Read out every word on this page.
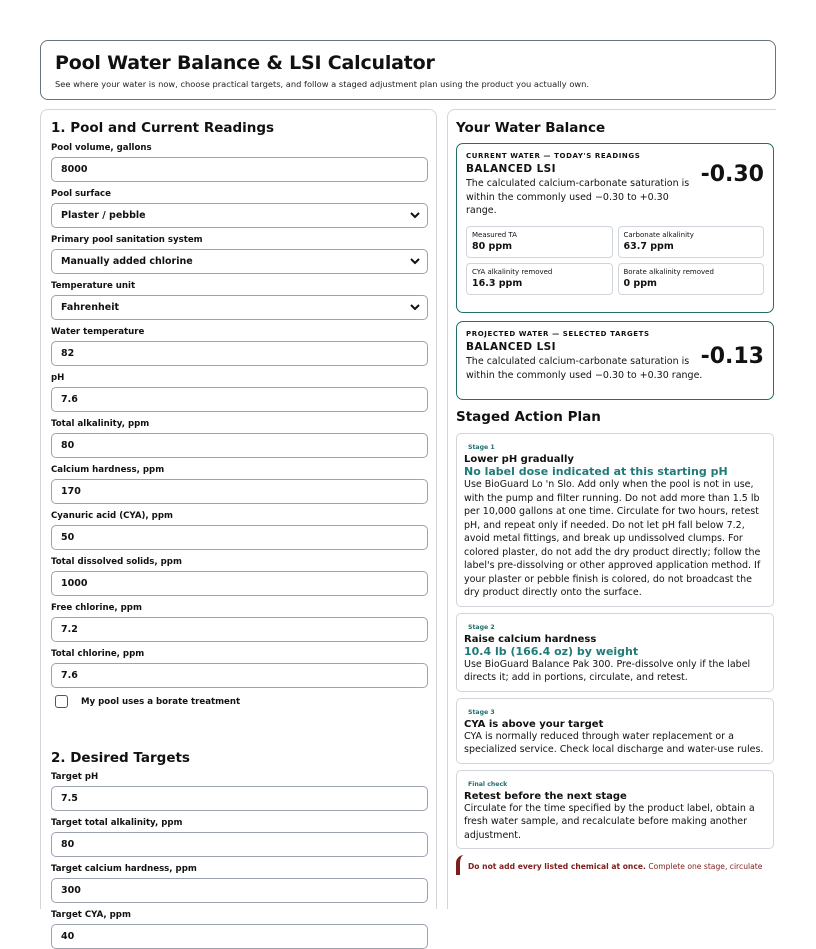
Pool Water Balance & LSI Calculator

See where your water is now, choose practical targets, and follow a staged adjustment plan using the product you actually own.

1. Pool and Current Readings
Pool volume, gallons
8000
Pool surface
Plaster / pebble
Primary pool sanitation system
Manually added chlorine
Temperature unit
Fahrenheit
Water temperature
82
pH
7.6
Total alkalinity, ppm
80
Calcium hardness, ppm
170
Cyanuric acid (CYA), ppm
50
Total dissolved solids, ppm
1000
Free chlorine, ppm
7.2
Total chlorine, ppm
7.6
My pool uses a borate treatment
2. Desired Targets
Target pH
7.5
Target total alkalinity, ppm
80
Target calcium hardness, ppm
300
Target CYA, ppm
40
Your Water Balance
CURRENT WATER — TODAY'S READINGS
BALANCED LSI	-0.30
The calculated calcium-carbonate saturation is within the commonly used −0.30 to +0.30 range.
Measured TA
80 ppm
Carbonate alkalinity
63.7 ppm
CYA alkalinity removed
16.3 ppm
Borate alkalinity removed
0 ppm
PROJECTED WATER — SELECTED TARGETS
BALANCED LSI	-0.13
The calculated calcium-carbonate saturation is within the commonly used −0.30 to +0.30 range.
Staged Action Plan
Stage 1
Lower pH gradually
No label dose indicated at this starting pH
Use BioGuard Lo 'n Slo. Add only when the pool is not in use, with the pump and filter running. Do not add more than 1.5 lb per 10,000 gallons at one time. Circulate for two hours, retest pH, and repeat only if needed. Do not let pH fall below 7.2, avoid metal fittings, and break up undissolved clumps. For colored plaster, do not add the dry product directly; follow the label's pre-dissolving or other approved application method. If your plaster or pebble finish is colored, do not broadcast the dry product directly onto the surface.
Stage 2
Raise calcium hardness
10.4 lb (166.4 oz) by weight
Use BioGuard Balance Pak 300. Pre-dissolve only if the label directs it; add in portions, circulate, and retest.
Stage 3
CYA is above your target
CYA is normally reduced through water replacement or a specialized service. Check local discharge and water-use rules.
Final check
Retest before the next stage
Circulate for the time specified by the product label, obtain a fresh water sample, and recalculate before making another adjustment.
Do not add every listed chemical at once. Complete one stage, circulate
